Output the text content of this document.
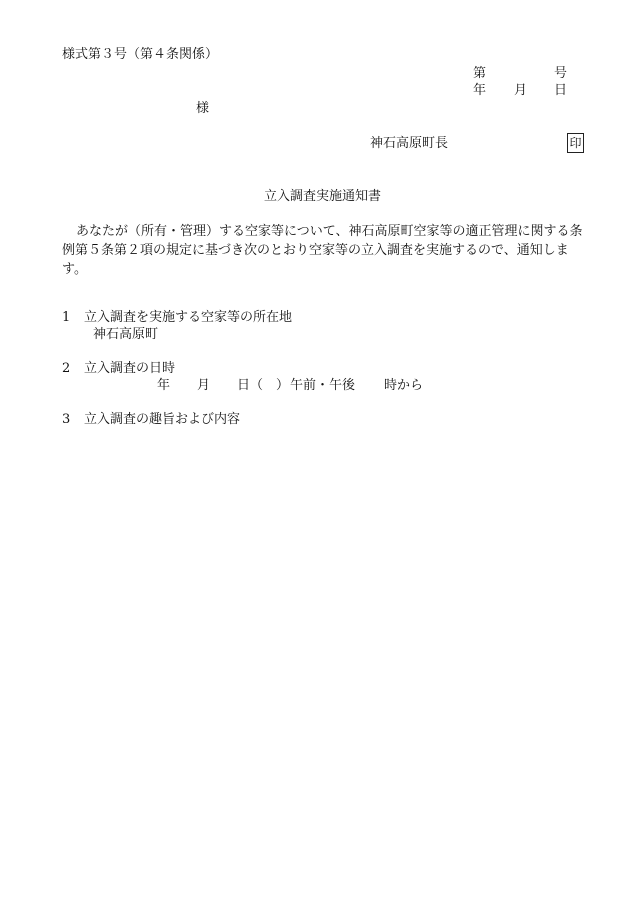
様式第３号（第４条関係）
第	号
年 月 日
様
神石高原町長	印
立入調査実施通知書
あなたが（所有・管理）する空家等について、神石高原町空家等の適正管理に関する条例第５条第２項の規定に基づき次のとおり空家等の立入調査を実施するので、通知します。
1 立入調査を実施する空家等の所在地
神石高原町
2 立入調査の日時
年 月 日 （　） 午前・午後 時から
3 立入調査の趣旨および内容
